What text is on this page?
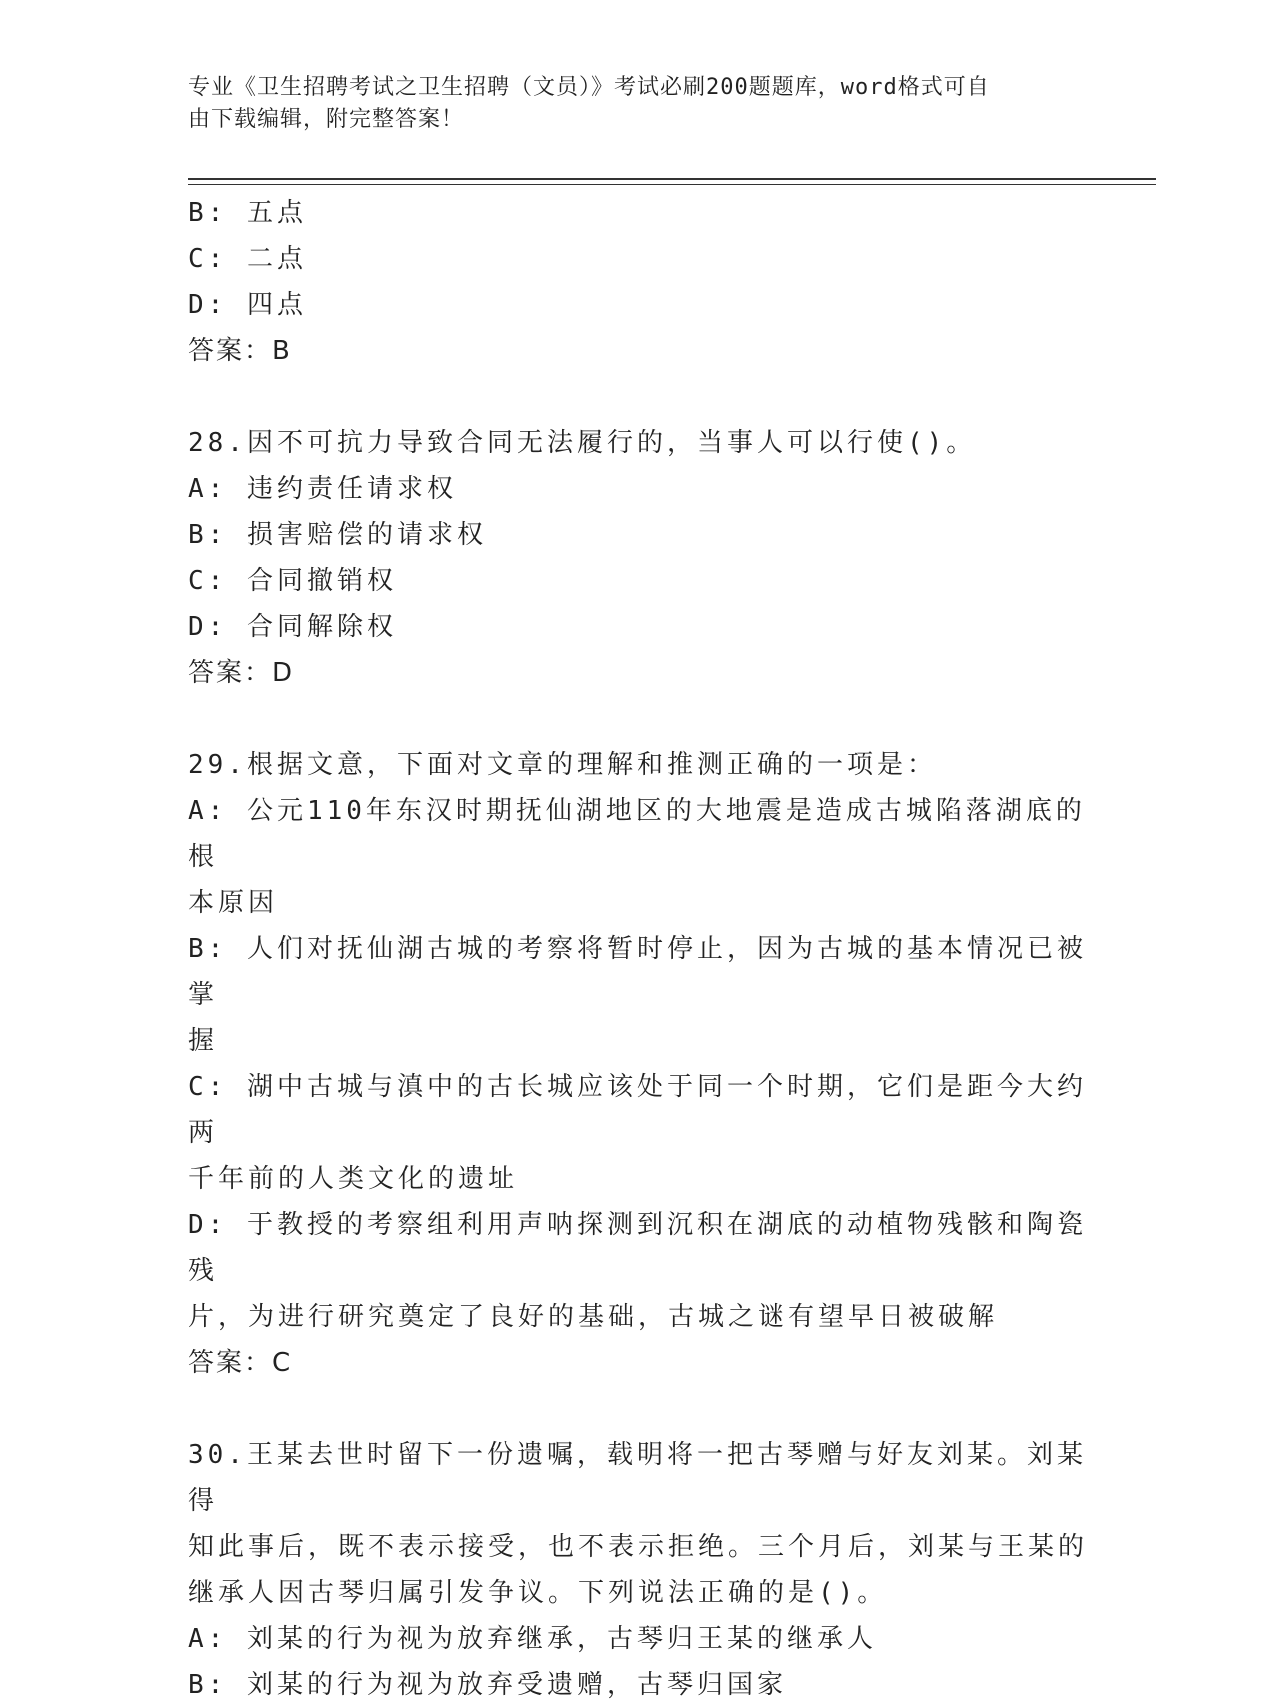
专业《卫生招聘考试之卫生招聘（文员）》考试必刷200题题库，word格式可自
由下载编辑，附完整答案！

B: 五点

C: 二点

D: 四点

答案：B

28.因不可抗力导致合同无法履行的，当事人可以行使()。

A: 违约责任请求权

B: 损害赔偿的请求权

C: 合同撤销权

D: 合同解除权

答案：D

29.根据文意，下面对文章的理解和推测正确的一项是：

A: 公元110年东汉时期抚仙湖地区的大地震是造成古城陷落湖底的根

本原因

B: 人们对抚仙湖古城的考察将暂时停止，因为古城的基本情况已被掌

握

C: 湖中古城与滇中的古长城应该处于同一个时期，它们是距今大约两

千年前的人类文化的遗址

D: 于教授的考察组利用声呐探测到沉积在湖底的动植物残骸和陶瓷残

片，为进行研究奠定了良好的基础，古城之谜有望早日被破解

答案：C

30.王某去世时留下一份遗嘱，载明将一把古琴赠与好友刘某。刘某得

知此事后，既不表示接受，也不表示拒绝。三个月后，刘某与王某的

继承人因古琴归属引发争议。下列说法正确的是()。

A: 刘某的行为视为放弃继承，古琴归王某的继承人

B: 刘某的行为视为放弃受遗赠，古琴归国家
